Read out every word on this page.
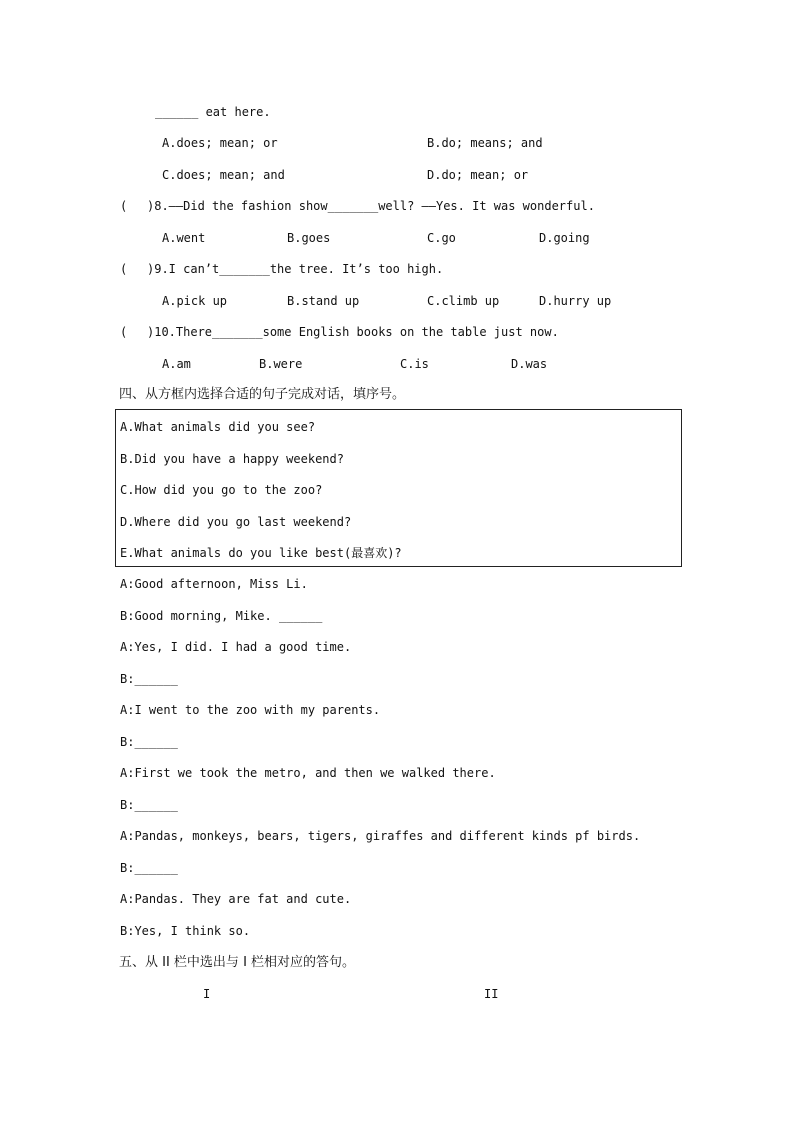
______ eat here.
A.does; mean; or	B.do; means; and
C.does; mean; and	D.do; mean; or
( )8.——Did the fashion show_______well? ——Yes. It was wonderful.
A.went	B.goes	C.go	D.going
( )9.I can’t_______the tree. It’s too high.
A.pick up	B.stand up	C.climb up	D.hurry up
( )10.There_______some English books on the table just now.
A.am	B.were	C.is	D.was
四、从方框内选择合适的句子完成对话，填序号。
A.What animals did you see?
B.Did you have a happy weekend?
C.How did you go to the zoo?
D.Where did you go last weekend?
E.What animals do you like best(最喜欢)?
A:Good afternoon, Miss Li.
B:Good morning, Mike. ______
A:Yes, I did. I had a good time.
B:______
A:I went to the zoo with my parents.
B:______
A:First we took the metro, and then we walked there.
B:______
A:Pandas, monkeys, bears, tigers, giraffes and different kinds pf birds.
B:______
A:Pandas. They are fat and cute.
B:Yes, I think so.
五、从 II 栏中选出与 I 栏相对应的答句。
I	II
